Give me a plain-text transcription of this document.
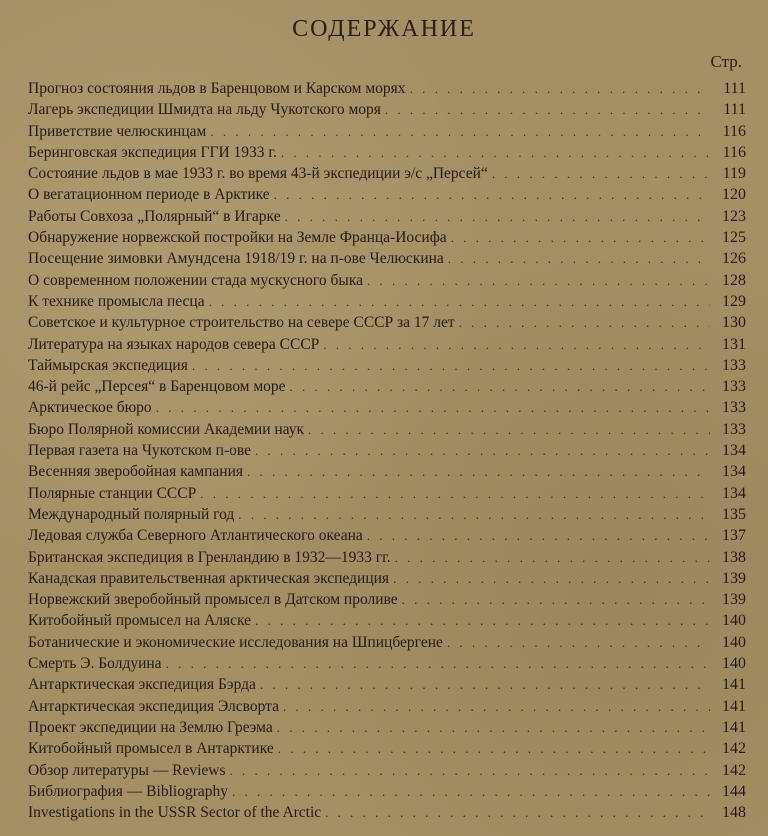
СОДЕРЖАНИЕ
Стр.
Прогноз состояния льдов в Баренцовом и Карском морях . . .	111
Лагерь экспедиции Шмидта на льду Чукотского моря . . .	111
Приветствие челюскинцам . . .	116
Беринговская экспедиция ГГИ 1933 г. . . .	116
Состояние льдов в мае 1933 г. во время 43-й экспедиции э/с „Персей“ . . .	119
О вегатационном периоде в Арктике . . .	120
Работы Совхоза „Полярный“ в Игарке . . .	123
Обнаружение норвежской постройки на Земле Франца-Иосифа . . .	125
Посещение зимовки Амундсена 1918/19 г. на п-ове Челюскина . . .	126
О современном положении стада мускусного быка . . .	128
К технике промысла песца . . .	129
Советское и культурное строительство на севере СССР за 17 лет . . .	130
Литература на языках народов севера СССР . . .	131
Таймырская экспедиция . . .	133
46-й рейс „Персея“ в Баренцовом море . . .	133
Арктическое бюро . . .	133
Бюро Полярной комиссии Академии наук . . .	133
Первая газета на Чукотском п-ове . . .	134
Весенняя зверобойная кампания . . .	134
Полярные станции СССР . . .	134
Международный полярный год . . .	135
Ледовая служба Северного Атлантического океана . . .	137
Британская экспедиция в Гренландию в 1932—1933 гг. . . .	138
Канадская правительственная арктическая экспедиция . . .	139
Норвежский зверобойный промысел в Датском проливе . . .	139
Китобойный промысел на Аляске . . .	140
Ботанические и экономические исследования на Шпицбергене . . .	140
Смерть Э. Болдуина . . .	140
Антарктическая экспедиция Бэрда . . .	141
Антарктическая экспедиция Элсворта . . .	141
Проект экспедиции на Землю Греэма . . .	141
Китобойный промысел в Антарктике . . .	142
Обзор литературы — Reviews . . .	142
Библиография — Bibliography . . .	144
Investigations in the USSR Sector of the Arctic . . .	148
